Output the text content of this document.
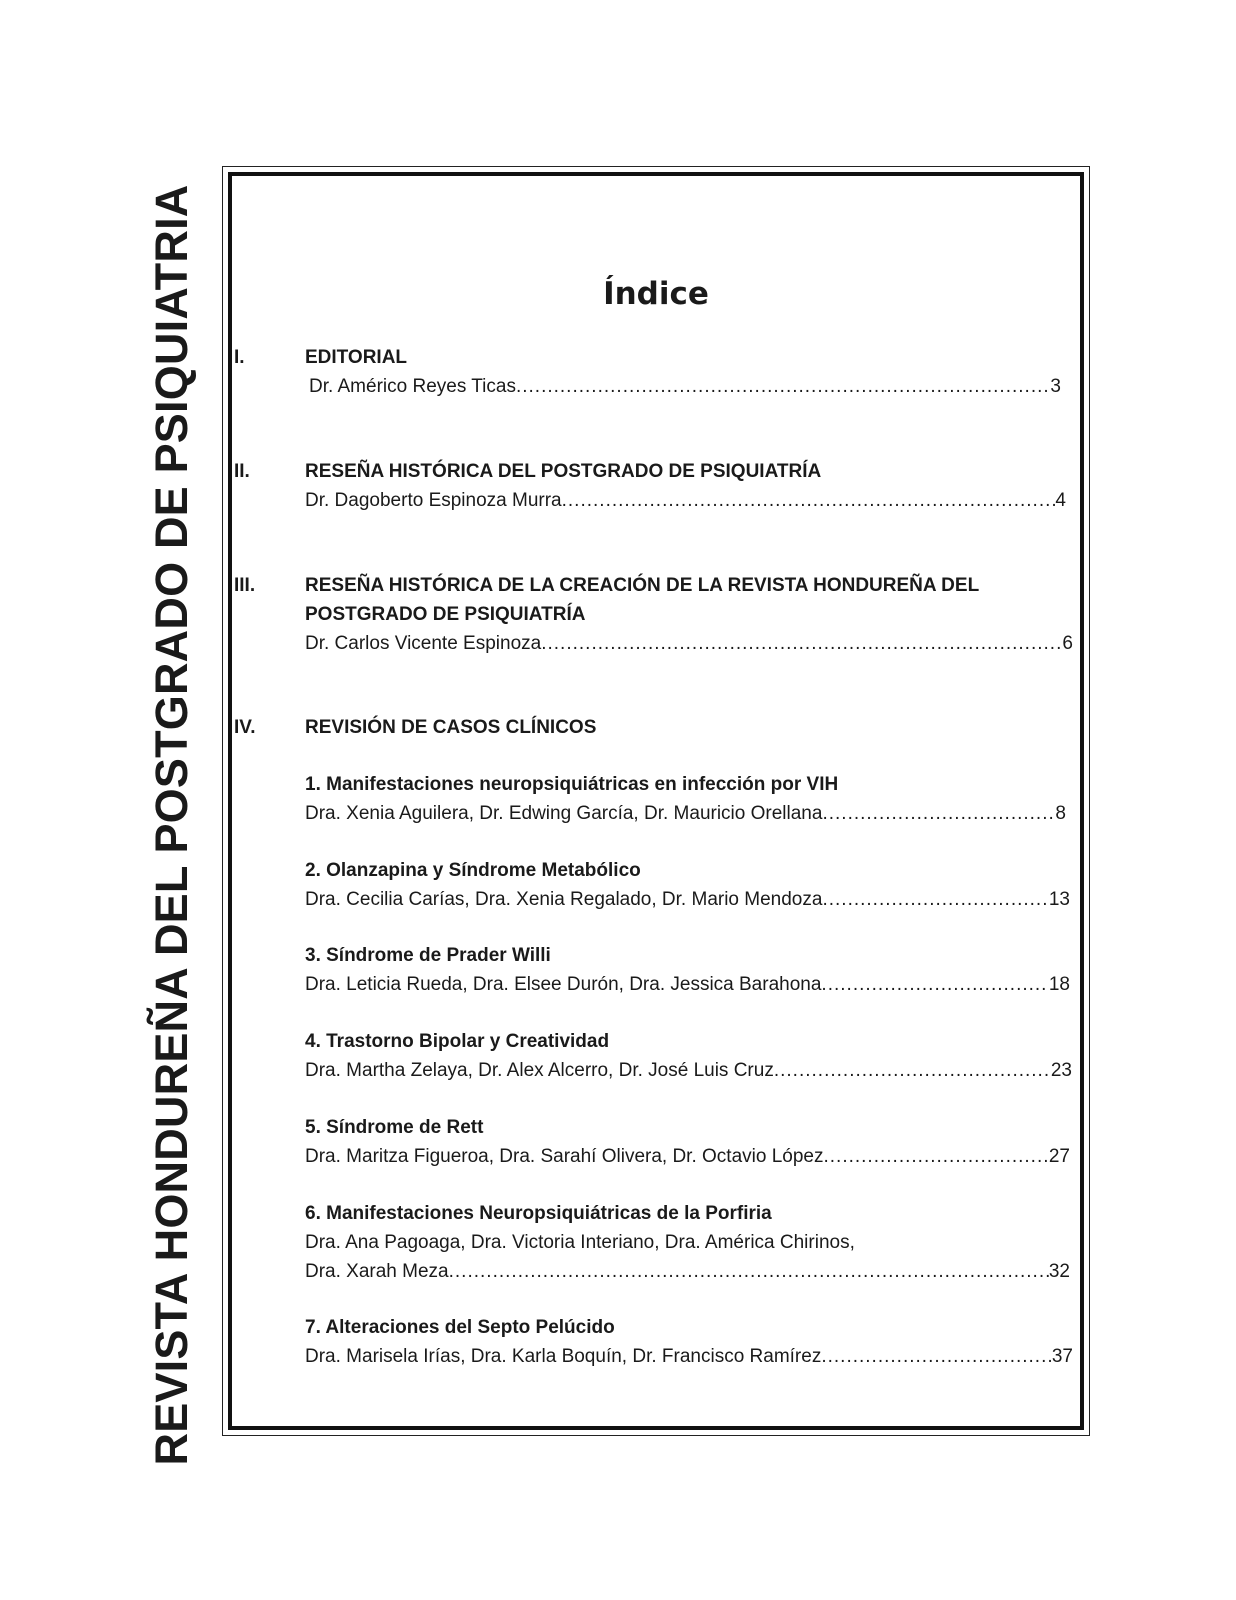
REVISTA HONDUREÑA DEL POSTGRADO DE PSIQUIATRIA	Índice
I.	EDITORIAL
Dr. Américo Reyes Ticas .....	3
II.	RESEÑA HISTÓRICA DEL POSTGRADO DE PSIQUIATRÍA
Dr. Dagoberto Espinoza Murra .....	4
III.	RESEÑA HISTÓRICA DE LA CREACIÓN DE LA REVISTA HONDUREÑA DEL
POSTGRADO DE PSIQUIATRÍA
Dr. Carlos Vicente Espinoza .....	6
IV.	REVISIÓN DE CASOS CLÍNICOS
1. Manifestaciones neuropsiquiátricas en infección por VIH
Dra. Xenia Aguilera, Dr. Edwing García, Dr. Mauricio Orellana .....	8
2. Olanzapina y Síndrome Metabólico
Dra. Cecilia Carías, Dra. Xenia Regalado, Dr. Mario Mendoza .....	13
3. Síndrome de Prader Willi
Dra. Leticia Rueda, Dra. Elsee Durón, Dra. Jessica Barahona .....	18
4. Trastorno Bipolar y Creatividad
Dra. Martha Zelaya, Dr. Alex Alcerro, Dr. José Luis Cruz .....	23
5. Síndrome de Rett
Dra. Maritza Figueroa, Dra. Sarahí Olivera, Dr. Octavio López .....	27
6. Manifestaciones Neuropsiquiátricas de la Porfiria
Dra. Ana Pagoaga, Dra. Victoria Interiano, Dra. América Chirinos,
Dra. Xarah Meza .....	32
7. Alteraciones del Septo Pelúcido
Dra. Marisela Irías, Dra. Karla Boquín, Dr. Francisco Ramírez .....	37
